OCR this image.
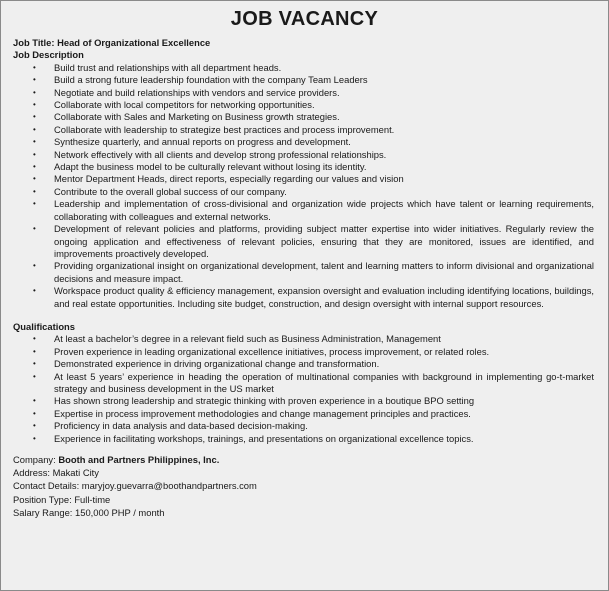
JOB VACANCY
Job Title: Head of Organizational Excellence
Job Description
• Build trust and relationships with all department heads.
• Build a strong future leadership foundation with the company Team Leaders
• Negotiate and build relationships with vendors and service providers.
• Collaborate with local competitors for networking opportunities.
• Collaborate with Sales and Marketing on Business growth strategies.
• Collaborate with leadership to strategize best practices and process improvement.
• Synthesize quarterly, and annual reports on progress and development.
• Network effectively with all clients and develop strong professional relationships.
• Adapt the business model to be culturally relevant without losing its identity.
• Mentor Department Heads, direct reports, especially regarding our values and vision
• Contribute to the overall global success of our company.
• Leadership and implementation of cross-divisional and organization wide projects which have talent or learning requirements, collaborating with colleagues and external networks.
• Development of relevant policies and platforms, providing subject matter expertise into wider initiatives. Regularly review the ongoing application and effectiveness of relevant policies, ensuring that they are monitored, issues are identified, and improvements proactively developed.
• Providing organizational insight on organizational development, talent and learning matters to inform divisional and organizational decisions and measure impact.
• Workspace product quality & efficiency management, expansion oversight and evaluation including identifying locations, buildings, and real estate opportunities. Including site budget, construction, and design oversight with internal support resources.
Qualifications
• At least a bachelor’s degree in a relevant field such as Business Administration, Management
• Proven experience in leading organizational excellence initiatives, process improvement, or related roles.
• Demonstrated experience in driving organizational change and transformation.
• At least 5 years’ experience in heading the operation of multinational companies with background in implementing go-t-market strategy and business development in the US market
• Has shown strong leadership and strategic thinking with proven experience in a boutique BPO setting
• Expertise in process improvement methodologies and change management principles and practices.
• Proficiency in data analysis and data-based decision-making.
• Experience in facilitating workshops, trainings, and presentations on organizational excellence topics.
Company: Booth and Partners Philippines, Inc.
Address: Makati City
Contact Details: maryjoy.guevarra@boothandpartners.com
Position Type: Full-time
Salary Range: 150,000 PHP / month
